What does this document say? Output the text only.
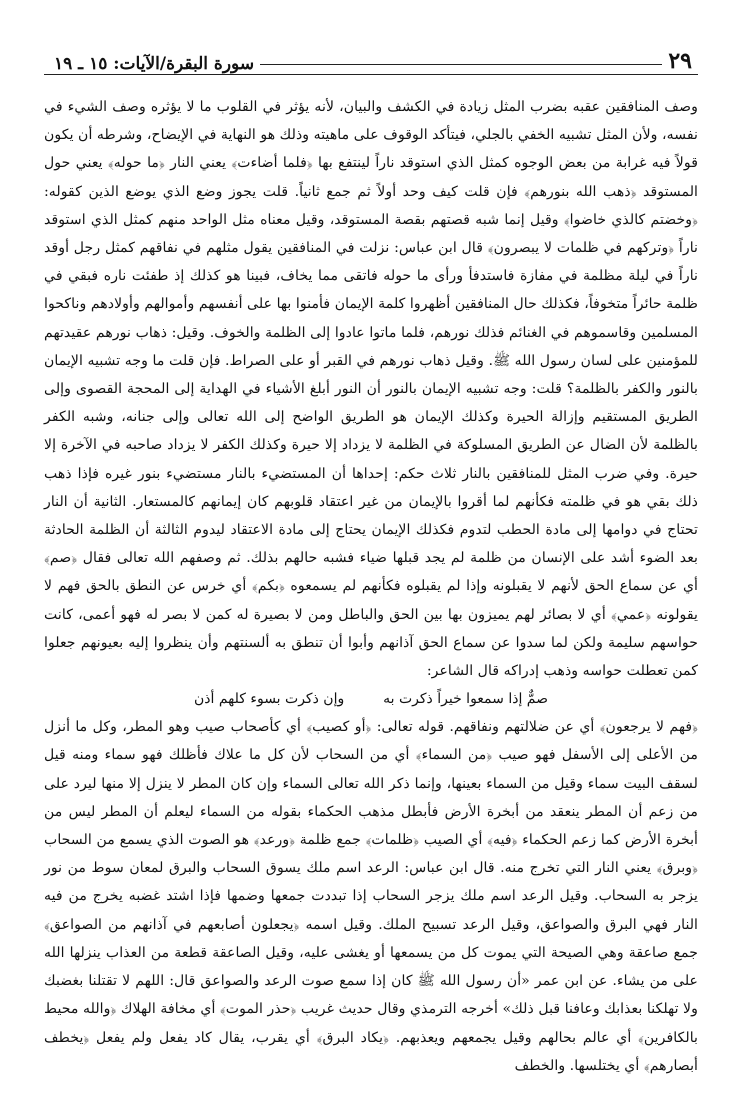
٢٩
سورة البقرة/الآيات: ١٥ ـ ١٩

وصف المنافقين عقبه بضرب المثل زيادة في الكشف والبيان، لأنه يؤثر في القلوب ما لا يؤثره وصف الشيء في نفسه، ولأن المثل تشبيه الخفي بالجلي، فيتأكد الوقوف على ماهيته وذلك هو النهاية في الإيضاح، وشرطه أن يكون قولاً فيه غرابة من بعض الوجوه كمثل الذي استوقد ناراً لينتفع بها ﴿فلما أضاءت﴾ يعني النار ﴿ما حوله﴾ يعني حول المستوقد ﴿ذهب الله بنورهم﴾ فإن قلت كيف وحد أولاً ثم جمع ثانياً. قلت يجوز وضع الذي يوضع الذين كقوله: ﴿وخضتم كالذي خاضوا﴾ وقيل إنما شبه قصتهم بقصة المستوقد، وقيل معناه مثل الواحد منهم كمثل الذي استوقد ناراً ﴿وتركهم في ظلمات لا يبصرون﴾ قال ابن عباس: نزلت في المنافقين يقول مثلهم في نفاقهم كمثل رجل أوقد ناراً في ليلة مظلمة في مفازة فاستدفأ ورأى ما حوله فاتقى مما يخاف، فبينا هو كذلك إذ طفئت ناره فبقي في ظلمة حائراً متخوفاً، فكذلك حال المنافقين أظهروا كلمة الإيمان فأمنوا بها على أنفسهم وأموالهم وأولادهم وناكحوا المسلمين وقاسموهم في الغنائم فذلك نورهم، فلما ماتوا عادوا إلى الظلمة والخوف. وقيل: ذهاب نورهم عقيدتهم للمؤمنين على لسان رسول الله ﷺ. وقيل ذهاب نورهم في القبر أو على الصراط. فإن قلت ما وجه تشبيه الإيمان بالنور والكفر بالظلمة؟ قلت: وجه تشبيه الإيمان بالنور أن النور أبلغ الأشياء في الهداية إلى المحجة القصوى وإلى الطريق المستقيم وإزالة الحيرة وكذلك الإيمان هو الطريق الواضح إلى الله تعالى وإلى جنانه، وشبه الكفر بالظلمة لأن الضال عن الطريق المسلوكة في الظلمة لا يزداد إلا حيرة وكذلك الكفر لا يزداد صاحبه في الآخرة إلا حيرة. وفي ضرب المثل للمنافقين بالنار ثلاث حكم: إحداها أن المستضيء بالنار مستضيء بنور غيره فإذا ذهب ذلك بقي هو في ظلمته فكأنهم لما أقروا بالإيمان من غير اعتقاد قلوبهم كان إيمانهم كالمستعار. الثانية أن النار تحتاج في دوامها إلى مادة الحطب لتدوم فكذلك الإيمان يحتاج إلى مادة الاعتقاد ليدوم الثالثة أن الظلمة الحادثة بعد الضوء أشد على الإنسان من ظلمة لم يجد قبلها ضياء فشبه حالهم بذلك. ثم وصفهم الله تعالى فقال ﴿صم﴾ أي عن سماع الحق لأنهم لا يقبلونه وإذا لم يقبلوه فكأنهم لم يسمعوه ﴿بكم﴾ أي خرس عن النطق بالحق فهم لا يقولونه ﴿عمي﴾ أي لا بصائر لهم يميزون بها بين الحق والباطل ومن لا بصيرة له كمن لا بصر له فهو أعمى، كانت حواسهم سليمة ولكن لما سدوا عن سماع الحق آذانهم وأبوا أن تنطق به ألسنتهم وأن ينظروا إليه بعيونهم جعلوا كمن تعطلت حواسه وذهب إدراكه قال الشاعر:

صمٌّ إذا سمعوا خيراً ذكرت به
وإن ذكرت بسوء كلهم أذن

﴿فهم لا يرجعون﴾ أي عن ضلالتهم ونفاقهم. قوله تعالى: ﴿أو كصيب﴾ أي كأصحاب صيب وهو المطر، وكل ما أنزل من الأعلى إلى الأسفل فهو صيب ﴿من السماء﴾ أي من السحاب لأن كل ما علاك فأظلك فهو سماء ومنه قيل لسقف البيت سماء وقيل من السماء بعينها، وإنما ذكر الله تعالى السماء وإن كان المطر لا ينزل إلا منها ليرد على من زعم أن المطر ينعقد من أبخرة الأرض فأبطل مذهب الحكماء بقوله من السماء ليعلم أن المطر ليس من أبخرة الأرض كما زعم الحكماء ﴿فيه﴾ أي الصيب ﴿ظلمات﴾ جمع ظلمة ﴿ورعد﴾ هو الصوت الذي يسمع من السحاب ﴿وبرق﴾ يعني النار التي تخرج منه. قال ابن عباس: الرعد اسم ملك يسوق السحاب والبرق لمعان سوط من نور يزجر به السحاب. وقيل الرعد اسم ملك يزجر السحاب إذا تبددت جمعها وضمها فإذا اشتد غضبه يخرج من فيه النار فهي البرق والصواعق، وقيل الرعد تسبيح الملك. وقيل اسمه ﴿يجعلون أصابعهم في آذانهم من الصواعق﴾ جمع صاعقة وهي الصيحة التي يموت كل من يسمعها أو يغشى عليه، وقيل الصاعقة قطعة من العذاب ينزلها الله على من يشاء. عن ابن عمر «أن رسول الله ﷺ كان إذا سمع صوت الرعد والصواعق قال: اللهم لا تقتلنا بغضبك ولا تهلكنا بعذابك وعافنا قبل ذلك» أخرجه الترمذي وقال حديث غريب ﴿حذر الموت﴾ أي مخافة الهلاك ﴿والله محيط بالكافرين﴾ أي عالم بحالهم وقيل يجمعهم ويعذبهم. ﴿يكاد البرق﴾ أي يقرب، يقال كاد يفعل ولم يفعل ﴿يخطف أبصارهم﴾ أي يختلسها. والخطف
